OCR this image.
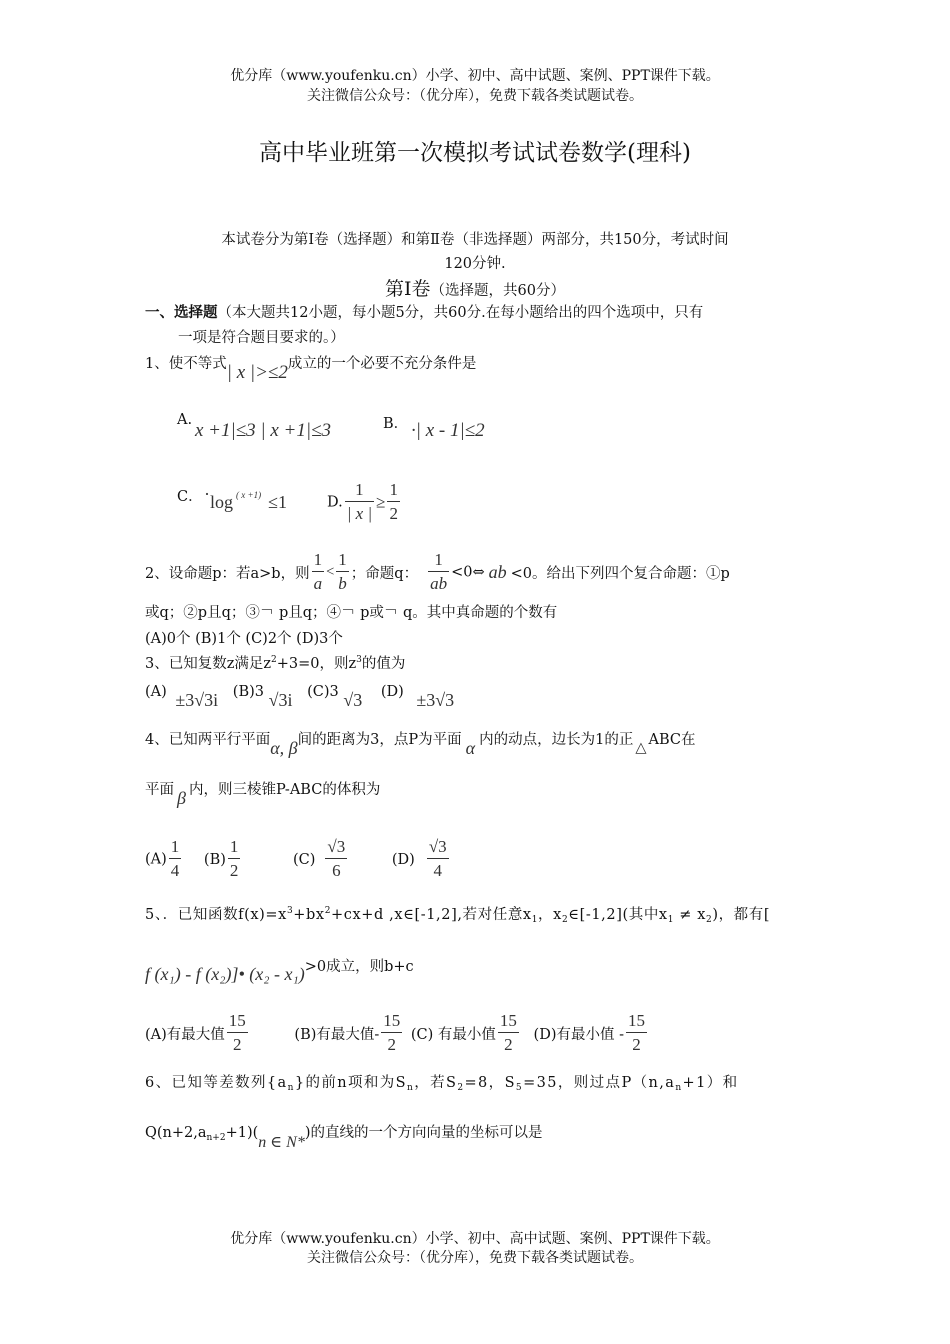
优分库（www.youfenku.cn）小学、初中、高中试题、案例、PPT课件下载。
关注微信公众号：（优分库），免费下载各类试题试卷。
高中毕业班第一次模拟考试试卷数学(理科)
本试卷分为第Ⅰ卷（选择题）和第Ⅱ卷（非选择题）两部分，共150分，考试时间
120分钟.
第Ⅰ卷（选择题，共60分）
一、选择题（本大题共12小题，每小题5分，共60分.在每小题给出的四个选项中，只有
一项是符合题目要求的。）
1、使不等式| x |>≤2成立的一个必要不充分条件是
A. x +1|≤3 | x +1|≤3	B． ·| x - 1|≤2
C． ·log ( x +1) ≤1	D. $\frac{1}{| x |} \ge \frac{1}{2}$
2、设命题p：若a>b，则 $\frac{1}{a} < \frac{1}{b}$ ；命题q： $\frac{1}{ab}$ <0⇔ ab <0。给出下列四个复合命题：①p
或q；②p且q；③￢ p且q；④￢ p或￢ q。其中真命题的个数有
(A)0个 (B)1个 (C)2个 (D)3个
3、已知复数z满足$z^2+3=0$，则$z^3$的值为
(A) ±3√3i (B)3 √3i (C)3 √3 (D) ±3√3
4、已知两平行平面α, β间的距离为3，点P为平面 α 内的动点，边长为1的正 △ ABC在
平面 β 内，则三棱锥P-ABC的体积为
$(A) \frac{1}{4} (B) \frac{1}{2}$	$(C) \frac{√3}{6}$	$(D) \frac{√3}{4}$
5、．已知函数$f(x)=x^3+bx^2+cx+d$ ,x∈[-1,2],若对任意$x_1$，$x_2\in[-1,2]$(其中$x_1 \ne x_2$)，都有[
f (x₁) - f (x₂)]• (x₂ - x₁)>0成立，则b+c
(A)有最大值 $\frac{15}{2}$	(B)有最大值- $\frac{15}{2} (C)$ 有最小值 $\frac{15}{2} (D)$有最小值 - $\frac{15}{2}$
6、已知等差数列$\{a_n\}$的前n项和为$S_n$，若$S_2=8$，$S_5=35$，则过点$P(n,a_n+1)$和
$Q(n+2,a_{n+2}+1)(n$ ∈ N*)的直线的一个方向向量的坐标可以是
优分库（www.youfenku.cn）小学、初中、高中试题、案例、PPT课件下载。
关注微信公众号：（优分库），免费下载各类试题试卷。
